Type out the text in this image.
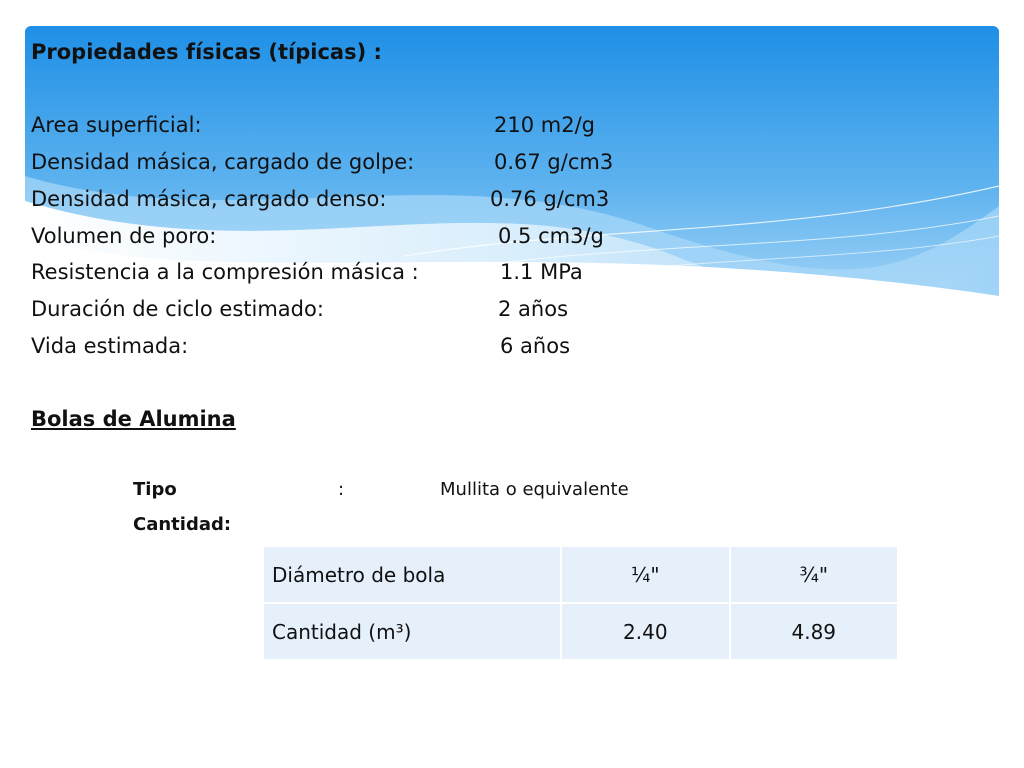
Propiedades físicas (típicas) :
Area superficial:	210 m2/g
Densidad másica, cargado de golpe:	0.67 g/cm3
Densidad másica, cargado denso:	0.76 g/cm3
Volumen de poro:	0.5 cm3/g
Resistencia a la compresión másica :	1.1 MPa
Duración de ciclo estimado:	2 años
Vida estimada:	6 años
Bolas de Alumina
Tipo	:	Mullita o equivalente
Cantidad:
Diámetro de bola	¼"	¾"
Cantidad (m³)	2.40	4.89
